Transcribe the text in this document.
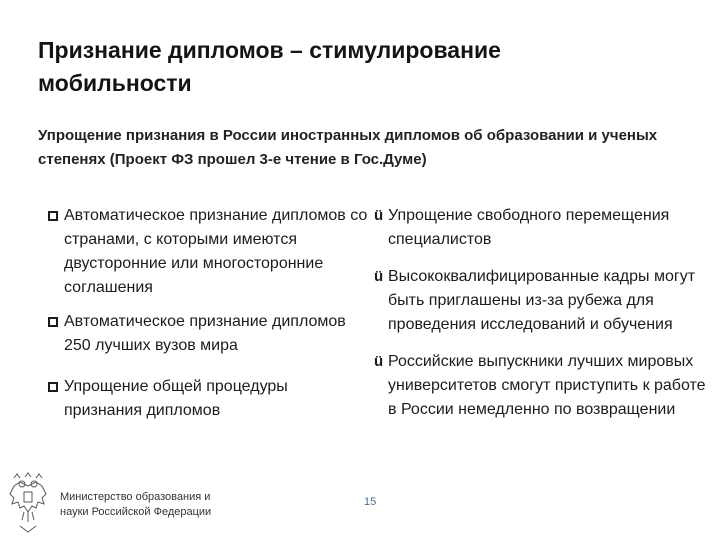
Признание дипломов – стимулирование мобильности
Упрощение признания в России иностранных дипломов об образовании и ученых степенях (Проект ФЗ прошел 3-е чтение в Гос.Думе)
Автоматическое признание дипломов со странами, с которыми имеются двусторонние или многосторонние соглашения
Автоматическое признание дипломов 250 лучших вузов мира
Упрощение общей процедуры признания дипломов
ü Упрощение свободного перемещения специалистов
ü Высококвалифицированные кадры могут быть приглашены из-за рубежа для проведения исследований и обучения
ü Российские выпускники лучших мировых университетов смогут приступить к работе в России немедленно по возвращении
Министерство образования и науки Российской Федерации
15
